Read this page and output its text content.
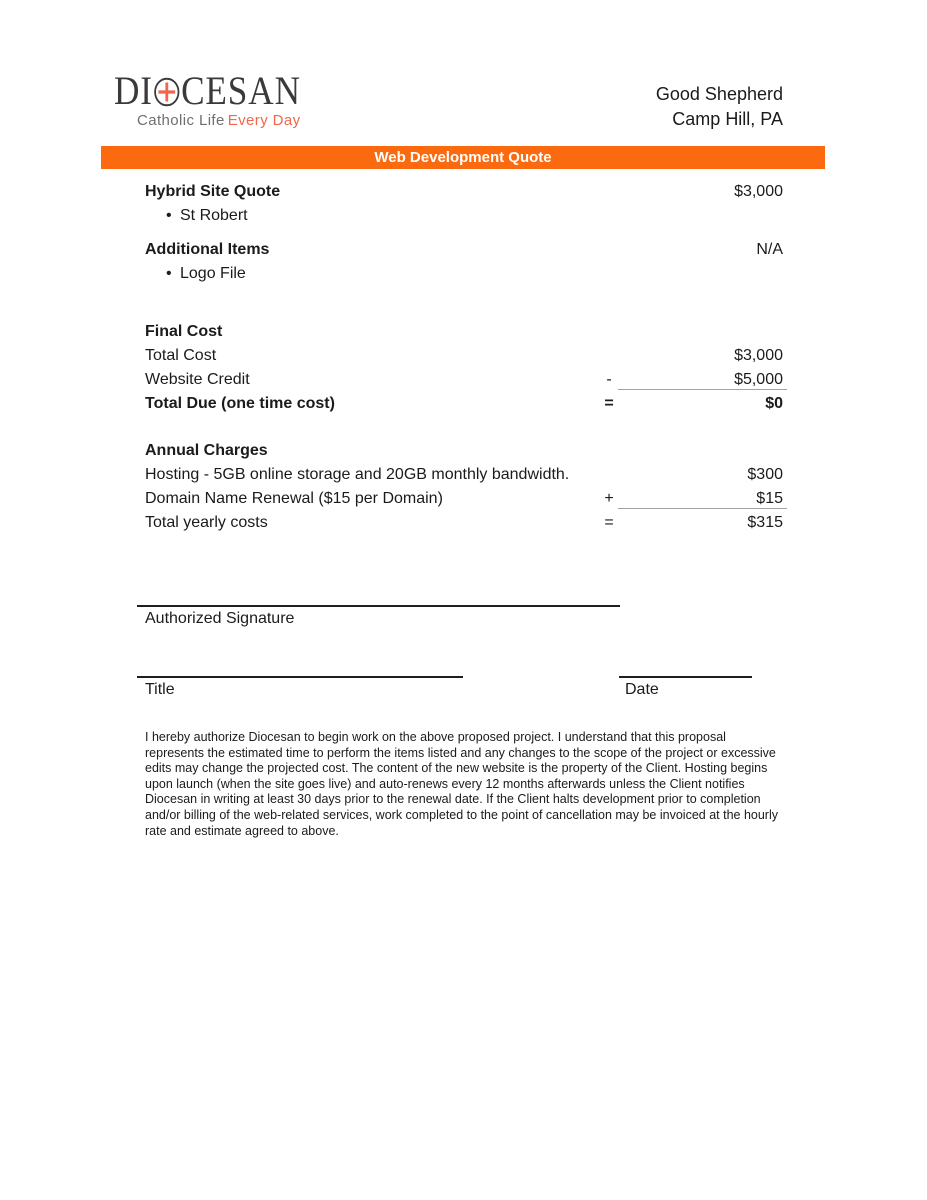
DI CESAN
Catholic Life Every Day
Good Shepherd
Camp Hill, PA
Web Development Quote
Hybrid Site Quote	$3,000
• St Robert
Additional Items	N/A
• Logo File
Final Cost
Total Cost	$3,000
Website Credit	-	$5,000
Total Due (one time cost)	=	$0
Annual Charges
Hosting - 5GB online storage and 20GB monthly bandwidth.	$300
Domain Name Renewal ($15 per Domain)	+	$15
Total yearly costs	=	$315
Authorized Signature
Title	Date
I hereby authorize Diocesan to begin work on the above proposed project. I understand that this proposal represents the estimated time to perform the items listed and any changes to the scope of the project or excessive edits may change the projected cost. The content of the new website is the property of the Client. Hosting begins upon launch (when the site goes live) and auto-renews every 12 months afterwards unless the Client notifies Diocesan in writing at least 30 days prior to the renewal date. If the Client halts development prior to completion and/or billing of the web-related services, work completed to the point of cancellation may be invoiced at the hourly rate and estimate agreed to above.
